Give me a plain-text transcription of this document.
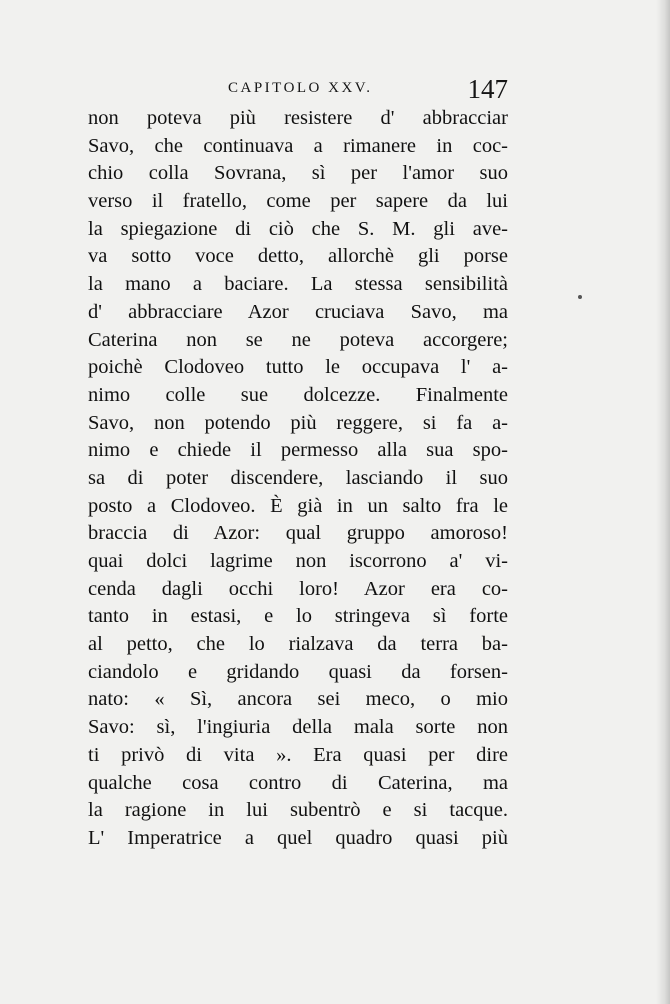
CAPITOLO XXV.	147
non poteva più resistere d' abbracciar
Savo, che continuava a rimanere in coc-
chio colla Sovrana, sì per l'amor suo
verso il fratello, come per sapere da lui
la spiegazione di ciò che S. M. gli ave-
va sotto voce detto, allorchè gli porse
la mano a baciare. La stessa sensibilità
d' abbracciare Azor cruciava Savo, ma
Caterina non se ne poteva accorgere;
poichè Clodoveo tutto le occupava l' a-
nimo colle sue dolcezze. Finalmente
Savo, non potendo più reggere, si fa a-
nimo e chiede il permesso alla sua spo-
sa di poter discendere, lasciando il suo
posto a Clodoveo. È già in un salto fra le
braccia di Azor: qual gruppo amoroso!
quai dolci lagrime non iscorrono a' vi-
cenda dagli occhi loro! Azor era co-
tanto in estasi, e lo stringeva sì forte
al petto, che lo rialzava da terra ba-
ciandolo e gridando quasi da forsen-
nato: « Sì, ancora sei meco, o mio
Savo: sì, l'ingiuria della mala sorte non
ti privò di vita ». Era quasi per dire
qualche cosa contro di Caterina, ma
la ragione in lui subentrò e si tacque.
L' Imperatrice a quel quadro quasi più
